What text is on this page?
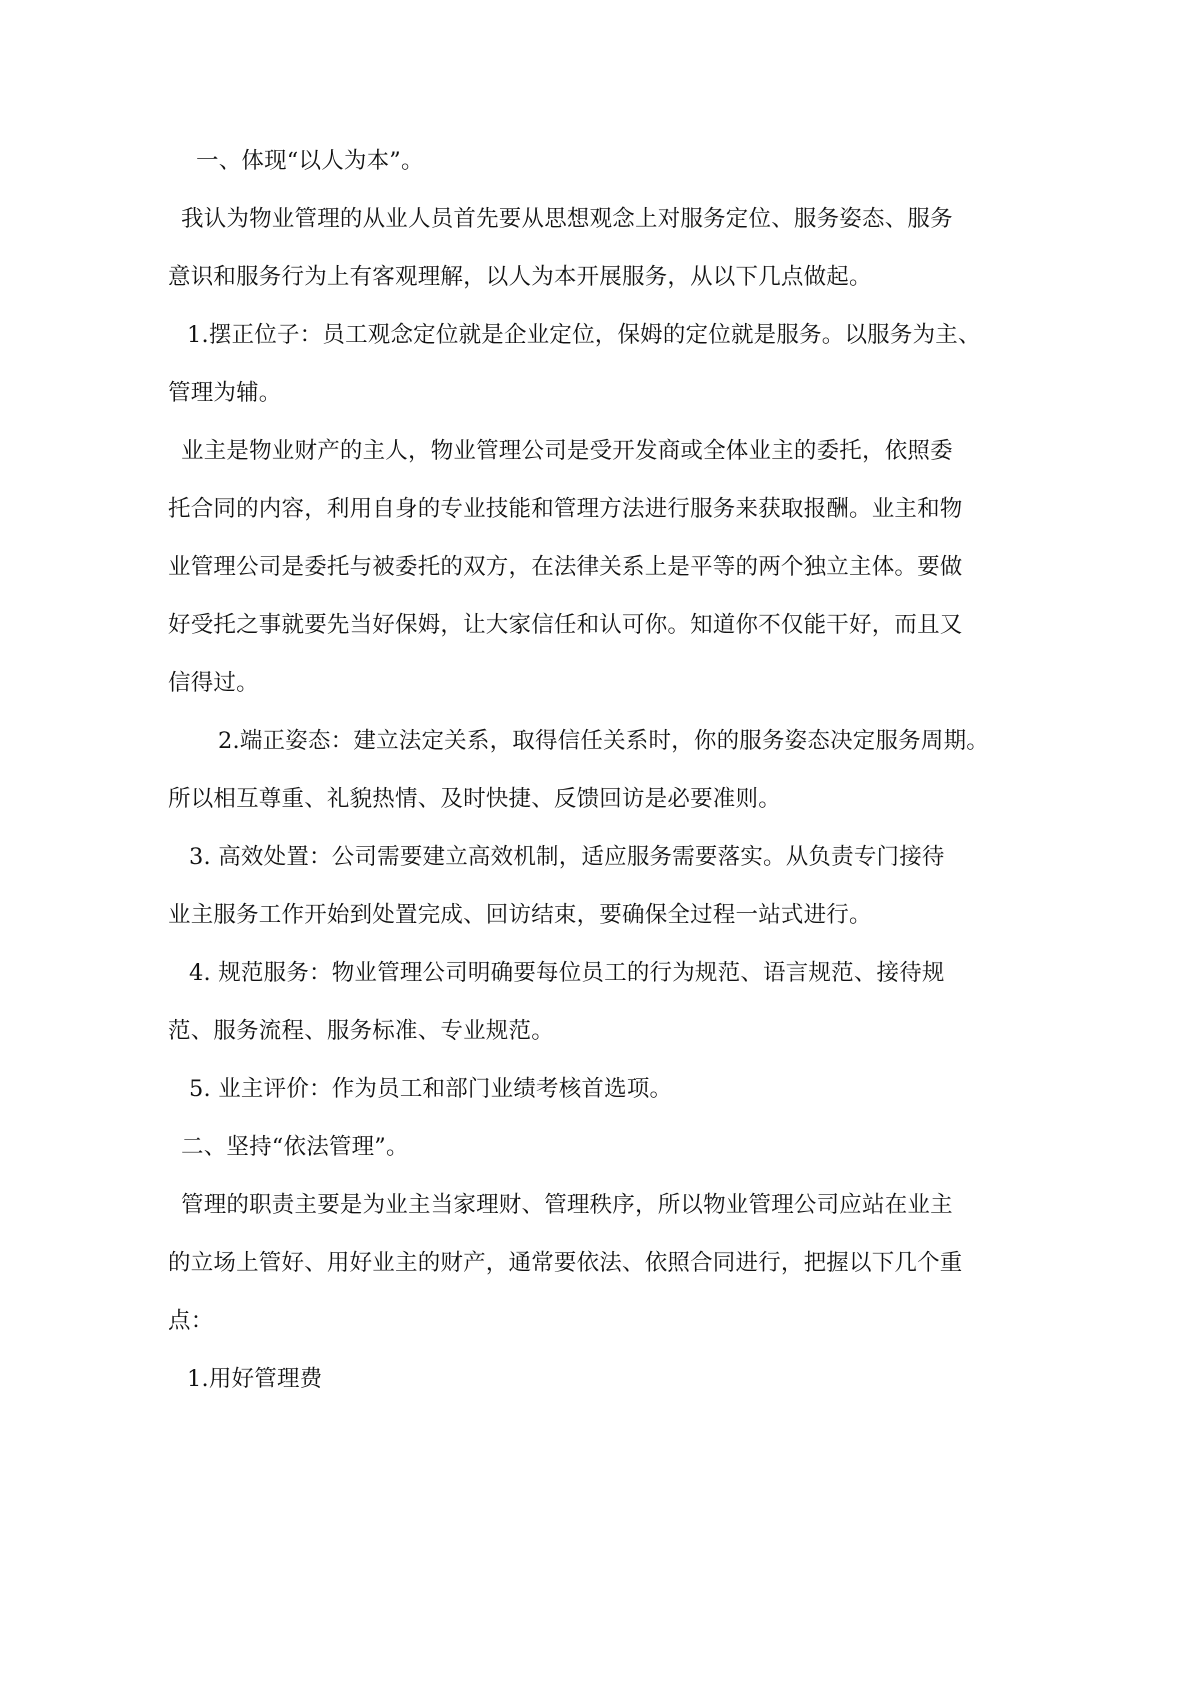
一、体现“以人为本”。
我认为物业管理的从业人员首先要从思想观念上对服务定位、服务姿态、服务
意识和服务行为上有客观理解，以人为本开展服务，从以下几点做起。
1.摆正位子：员工观念定位就是企业定位，保姆的定位就是服务。以服务为主、
管理为辅。
业主是物业财产的主人，物业管理公司是受开发商或全体业主的委托，依照委
托合同的内容，利用自身的专业技能和管理方法进行服务来获取报酬。业主和物
业管理公司是委托与被委托的双方，在法律关系上是平等的两个独立主体。要做
好受托之事就要先当好保姆，让大家信任和认可你。知道你不仅能干好，而且又
信得过。
2.端正姿态：建立法定关系，取得信任关系时，你的服务姿态决定服务周期。
所以相互尊重、礼貌热情、及时快捷、反馈回访是必要准则。
3. 高效处置：公司需要建立高效机制，适应服务需要落实。从负责专门接待
业主服务工作开始到处置完成、回访结束，要确保全过程一站式进行。
4. 规范服务：物业管理公司明确要每位员工的行为规范、语言规范、接待规
范、服务流程、服务标准、专业规范。
5. 业主评价：作为员工和部门业绩考核首选项。
二、坚持“依法管理”。
管理的职责主要是为业主当家理财、管理秩序，所以物业管理公司应站在业主
的立场上管好、用好业主的财产，通常要依法、依照合同进行，把握以下几个重
点：
1.用好管理费
